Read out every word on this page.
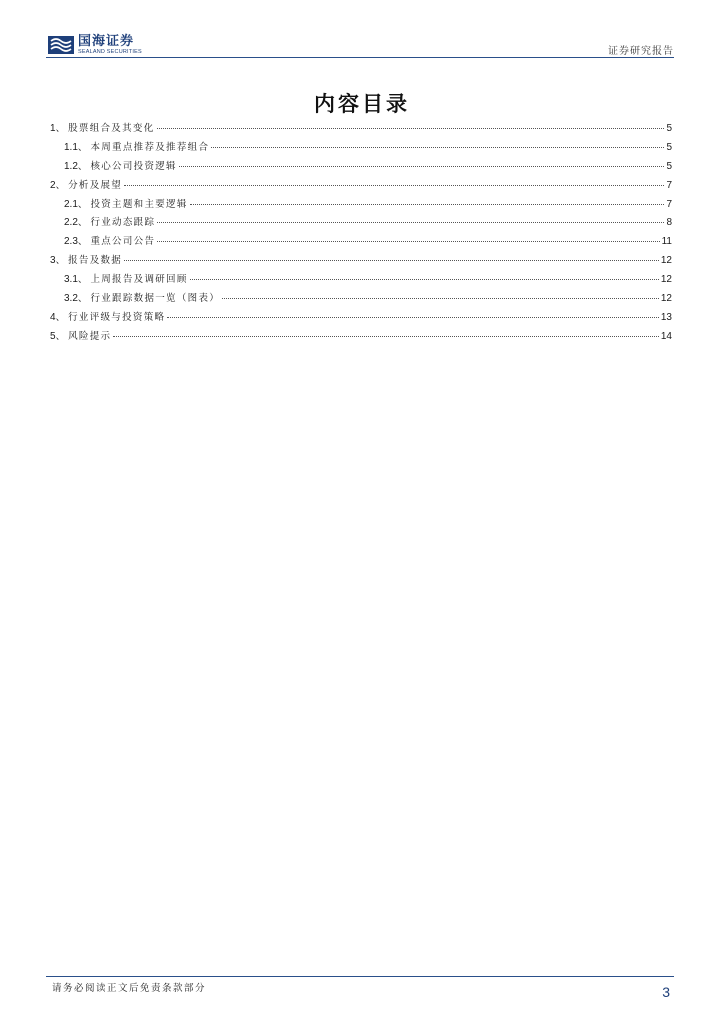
国海证券
SEALAND SECURITIES	证券研究报告
内容目录
1 、 股票组合及其变化	5
1.1 、 本周重点推荐及推荐组合	5
1.2 、 核心公司投资逻辑	5
2 、 分析及展望	7
2.1 、 投资主题和主要逻辑	7
2.2 、 行业动态跟踪	8
2.3 、 重点公司公告	11
3 、 报告及数据	12
3.1 、 上周报告及调研回顾	12
3.2 、 行业跟踪数据一览（图表）	12
4 、 行业评级与投资策略	13
5 、 风险提示	14
请务必阅读正文后免责条款部分	3
